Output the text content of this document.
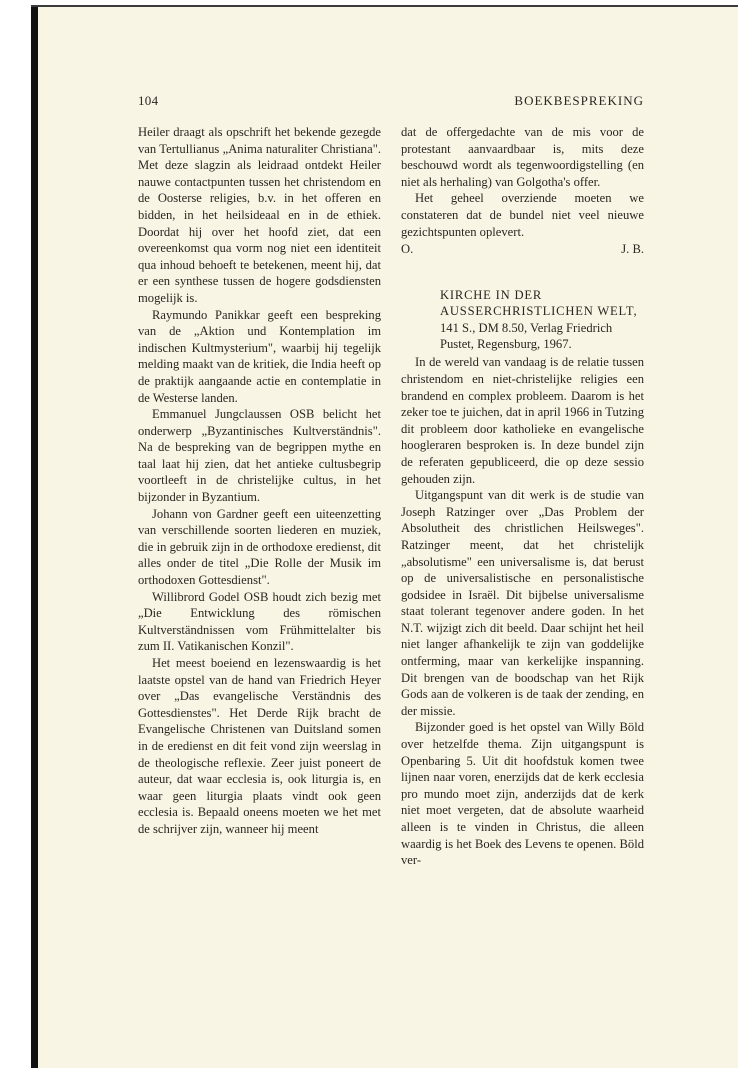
104	BOEKBESPREKING

Heiler draagt als opschrift het bekende gezegde van Tertullianus „Anima naturaliter Christiana". Met deze slagzin als leidraad ontdekt Heiler nauwe contactpunten tussen het christendom en de Oosterse religies, b.v. in het offeren en bidden, in het heilsideaal en in de ethiek. Doordat hij over het hoofd ziet, dat een overeenkomst qua vorm nog niet een identiteit qua inhoud behoeft te betekenen, meent hij, dat er een synthese tussen de hogere godsdiensten mogelijk is.

Raymundo Panikkar geeft een bespreking van de „Aktion und Kontemplation im indischen Kultmysterium", waarbij hij tegelijk melding maakt van de kritiek, die India heeft op de praktijk aangaande actie en contemplatie in de Westerse landen.

Emmanuel Jungclaussen OSB belicht het onderwerp „Byzantinisches Kultverständnis". Na de bespreking van de begrippen mythe en taal laat hij zien, dat het antieke cultusbegrip voortleeft in de christelijke cultus, in het bijzonder in Byzantium.

Johann von Gardner geeft een uiteenzetting van verschillende soorten liederen en muziek, die in gebruik zijn in de orthodoxe eredienst, dit alles onder de titel „Die Rolle der Musik im orthodoxen Gottesdienst".

Willibrord Godel OSB houdt zich bezig met „Die Entwicklung des römischen Kultverständnissen vom Frühmittelalter bis zum II. Vatikanischen Konzil".

Het meest boeiend en lezenswaardig is het laatste opstel van de hand van Friedrich Heyer over „Das evangelische Verständnis des Gottesdienstes". Het Derde Rijk bracht de Evangelische Christenen van Duitsland somen in de eredienst en dit feit vond zijn weerslag in de theologische reflexie. Zeer juist poneert de auteur, dat waar ecclesia is, ook liturgia is, en waar geen liturgia plaats vindt ook geen ecclesia is. Bepaald oneens moeten we het met de schrijver zijn, wanneer hij meent

dat de offergedachte van de mis voor de protestant aanvaardbaar is, mits deze beschouwd wordt als tegenwoordigstelling (en niet als herhaling) van Golgotha's offer.

Het geheel overziende moeten we constateren dat de bundel niet veel nieuwe gezichtspunten oplevert.

O.	J. B.
KIRCHE IN DER AUSSERCHRISTLICHEN WELT, 141 S., DM 8.50, Verlag Friedrich Pustet, Regensburg, 1967.

In de wereld van vandaag is de relatie tussen christendom en niet-christelijke religies een brandend en complex probleem. Daarom is het zeker toe te juichen, dat in april 1966 in Tutzing dit probleem door katholieke en evangelische hoogleraren besproken is. In deze bundel zijn de referaten gepubliceerd, die op deze sessio gehouden zijn.

Uitgangspunt van dit werk is de studie van Joseph Ratzinger over „Das Problem der Absolutheit des christlichen Heilsweges". Ratzinger meent, dat het christelijk „absolutisme" een universalisme is, dat berust op de universalistische en personalistische godsidee in Israël. Dit bijbelse universalisme staat tolerant tegenover andere goden. In het N.T. wijzigt zich dit beeld. Daar schijnt het heil niet langer afhankelijk te zijn van goddelijke ontferming, maar van kerkelijke inspanning. Dit brengen van de boodschap van het Rijk Gods aan de volkeren is de taak der zending, en der missie.

Bijzonder goed is het opstel van Willy Böld over hetzelfde thema. Zijn uitgangspunt is Openbaring 5. Uit dit hoofdstuk komen twee lijnen naar voren, enerzijds dat de kerk ecclesia pro mundo moet zijn, anderzijds dat de kerk niet moet vergeten, dat de absolute waarheid alleen is te vinden in Christus, die alleen waardig is het Boek des Levens te openen. Böld ver-
